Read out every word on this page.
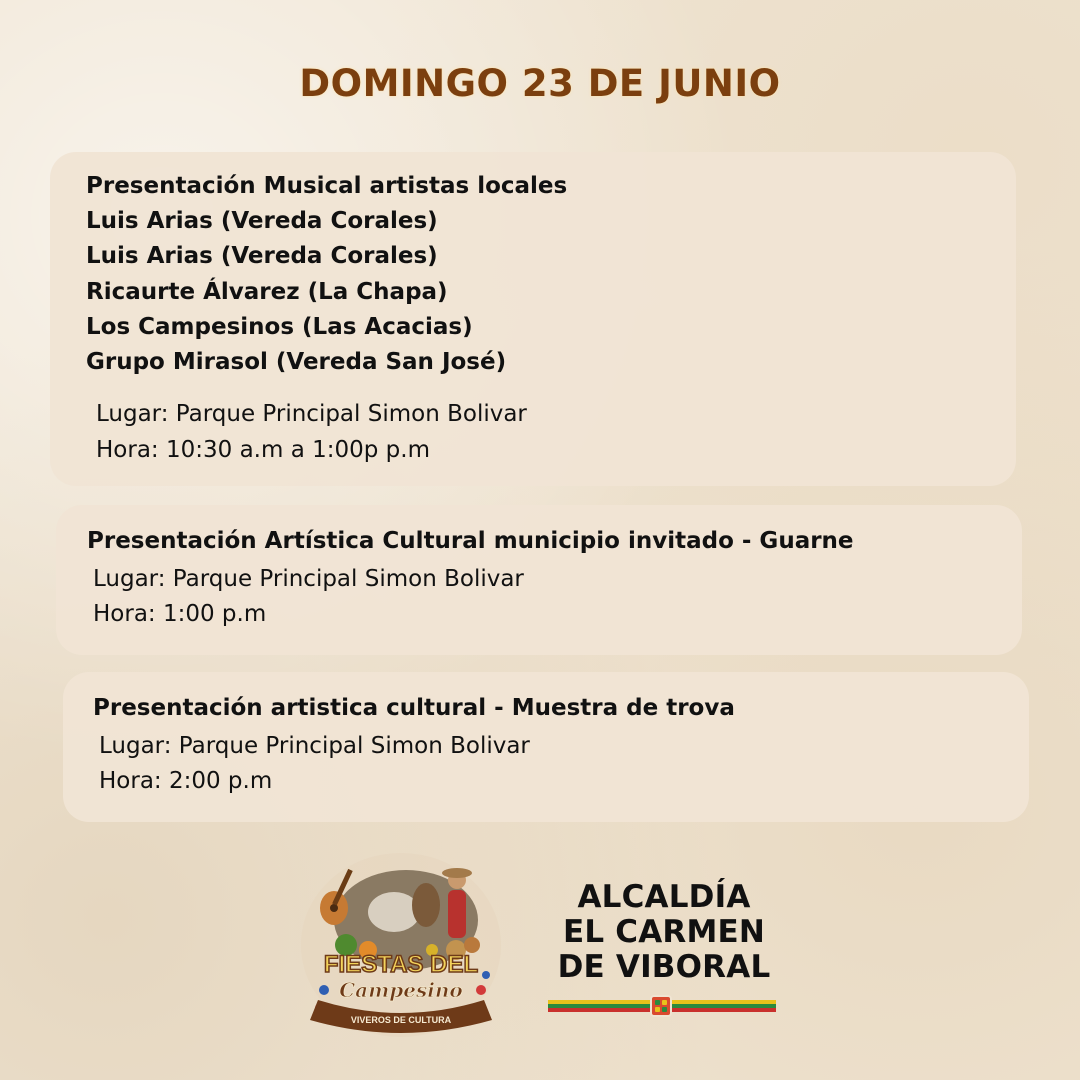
DOMINGO 23 DE JUNIO
Presentación Musical artistas locales
Luis Arias (Vereda Corales)
Luis Arias (Vereda Corales)
Ricaurte Álvarez (La Chapa)
Los Campesinos (Las Acacias)
Grupo Mirasol (Vereda San José)
Lugar: Parque Principal Simon Bolivar
Hora: 10:30 a.m a 1:00p p.m
Presentación Artística Cultural municipio invitado - Guarne
Lugar: Parque Principal Simon Bolivar
Hora: 1:00 p.m
Presentación artistica cultural - Muestra de trova
Lugar: Parque Principal Simon Bolivar
Hora: 2:00 p.m
FIESTAS DEL
Campesino
VIVEROS DE CULTURA
ALCALDÍA
EL CARMEN
DE VIBORAL
